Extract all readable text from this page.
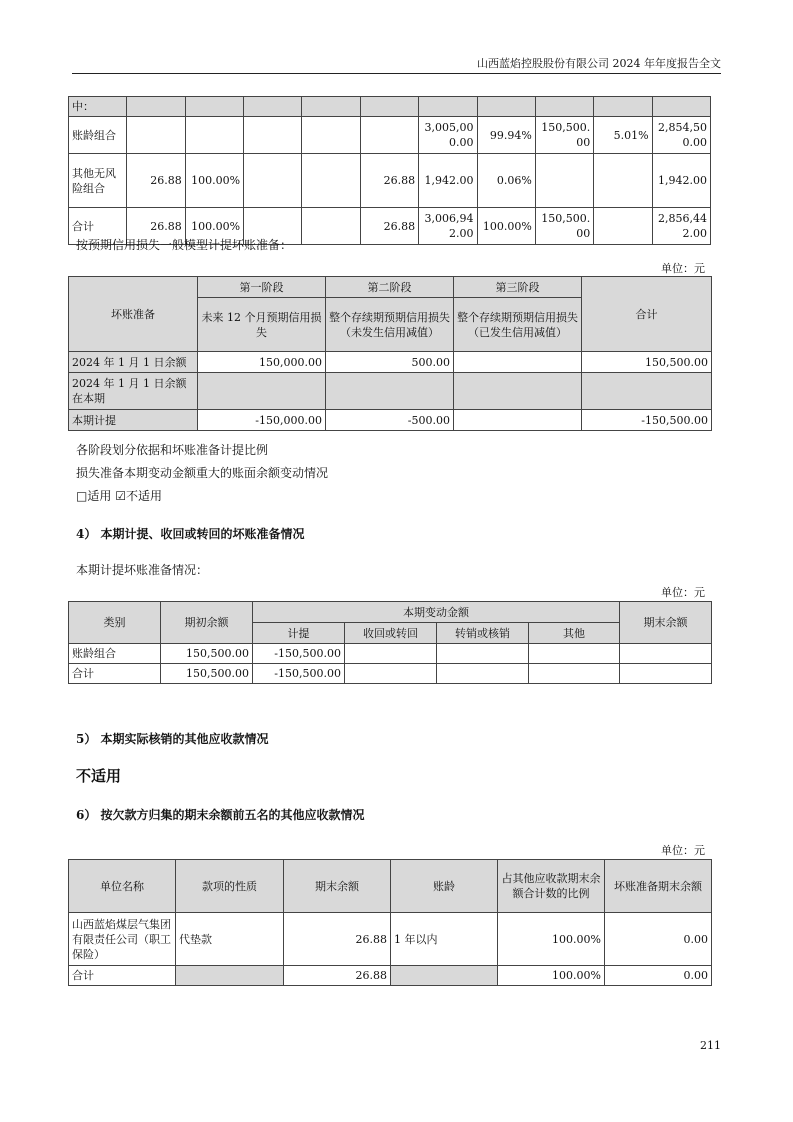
山西蓝焰控股股份有限公司 2024 年年度报告全文
中：										
账龄组合						3,005,000.00	99.94%	150,500.00	5.01%	2,854,500.00
其他无风险组合	26.88	100.00%			26.88	1,942.00	0.06%			1,942.00
合计	26.88	100.00%			26.88	3,006,942.00	100.00%	150,500.00		2,856,442.00
按预期信用损失一般模型计提坏账准备：
单位：元
坏账准备	第一阶段	第二阶段	第三阶段	合计
	未来 12 个月预期信用损失	整个存续期预期信用损失（未发生信用减值）	整个存续期预期信用损失（已发生信用减值）	
2024 年 1 月 1 日余额	150,000.00	500.00		150,500.00
2024 年 1 月 1 日余额在本期				
本期计提	-150,000.00	-500.00		-150,500.00
各阶段划分依据和坏账准备计提比例
损失准备本期变动金额重大的账面余额变动情况
□适用 ☑不适用
4） 本期计提、收回或转回的坏账准备情况
本期计提坏账准备情况：
单位：元
类别	期初余额	本期变动金额				期末余额
		计提	收回或转回	转销或核销	其他	
账龄组合	150,500.00	-150,500.00				
合计	150,500.00	-150,500.00				
5） 本期实际核销的其他应收款情况
不适用
6） 按欠款方归集的期末余额前五名的其他应收款情况
单位：元
单位名称	款项的性质	期末余额	账龄	占其他应收款期末余额合计数的比例	坏账准备期末余额
山西蓝焰煤层气集团有限责任公司（职工保险）	代垫款	26.88	1 年以内	100.00%	0.00
合计		26.88		100.00%	0.00
211
